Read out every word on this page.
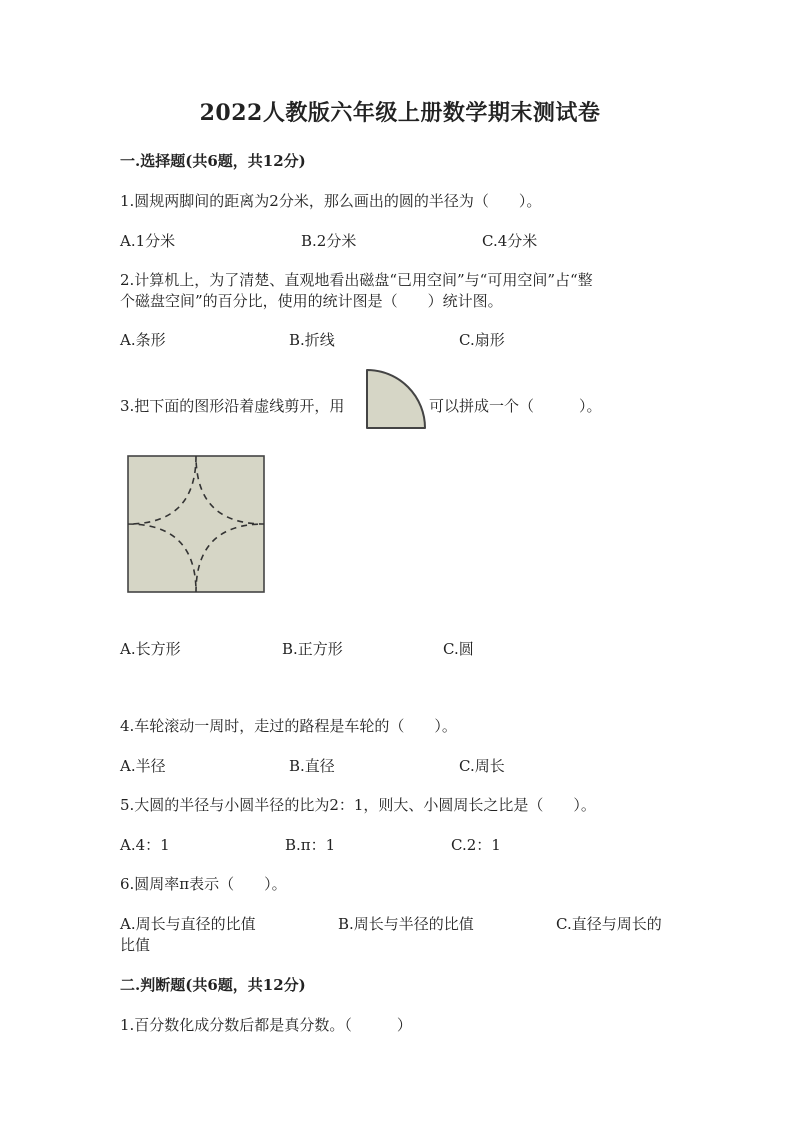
2022人教版六年级上册数学期末测试卷
一.选择题(共6题，共12分)
1.圆规两脚间的距离为2分米，那么画出的圆的半径为（　　）。
A.1分米	B.2分米	C.4分米
2.计算机上，为了清楚、直观地看出磁盘“已用空间”与“可用空间”占“整
个磁盘空间”的百分比，使用的统计图是（　　）统计图。
A.条形	B.折线	C.扇形
3.把下面的图形沿着虚线剪开，用	可以拼成一个（　　　）。
A.长方形	B.正方形	C.圆
4.车轮滚动一周时，走过的路程是车轮的（　　）。
A.半径	B.直径	C.周长
5.大圆的半径与小圆半径的比为2：1，则大、小圆周长之比是（　　）。
A.4：1	B.π：1	C.2：1
6.圆周率π表示（　　）。
A.周长与直径的比值	B.周长与半径的比值	C.直径与周长的
比值
二.判断题(共6题，共12分)
1.百分数化成分数后都是真分数。（　　　）
